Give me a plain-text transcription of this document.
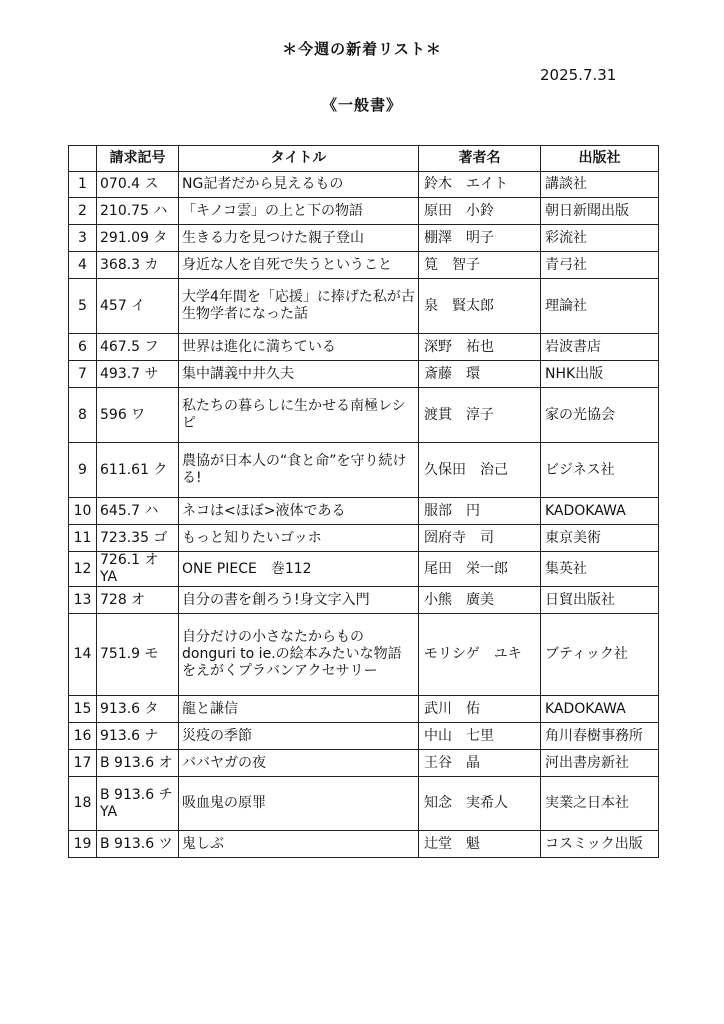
＊今週の新着リスト＊
2025.7.31
《一般書》
	請求記号	タイトル	著者名	出版社
1	070.4 ス	NG記者だから見えるもの	鈴木　エイト	講談社
2	210.75 ハ	「キノコ雲」の上と下の物語	原田　小鈴	朝日新聞出版
3	291.09 タ	生きる力を見つけた親子登山	棚澤　明子	彩流社
4	368.3 カ	身近な人を自死で失うということ	筧　智子	青弓社
5	457 イ	大学4年間を「応援」に捧げた私が古生物学者になった話	泉　賢太郎	理論社
6	467.5 フ	世界は進化に満ちている	深野　祐也	岩波書店
7	493.7 サ	集中講義中井久夫	斎藤　環	NHK出版
8	596 ワ	私たちの暮らしに生かせる南極レシピ	渡貫　淳子	家の光協会
9	611.61 ク	農協が日本人の“食と命”を守り続ける!	久保田　治己	ビジネス社
10	645.7 ハ	ネコは<ほぼ>液体である	服部　円	KADOKAWA
11	723.35 ゴ	もっと知りたいゴッホ	圀府寺　司	東京美術
12	726.1 オ YA	ONE PIECE　巻112	尾田　栄一郎	集英社
13	728 オ	自分の書を創ろう!身文字入門	小熊　廣美	日貿出版社
14	751.9 モ	自分だけの小さなたからもの donguri to ie.の絵本みたいな物語をえがくプラバンアクセサリー	モリシゲ　ユキ	ブティック社
15	913.6 タ	龍と謙信	武川　佑	KADOKAWA
16	913.6 ナ	災疫の季節	中山　七里	角川春樹事務所
17	B 913.6 オ	ババヤガの夜	王谷　晶	河出書房新社
18	B 913.6 チ YA	吸血鬼の原罪	知念　実希人	実業之日本社
19	B 913.6 ツ	鬼しぶ	辻堂　魁	コスミック出版
